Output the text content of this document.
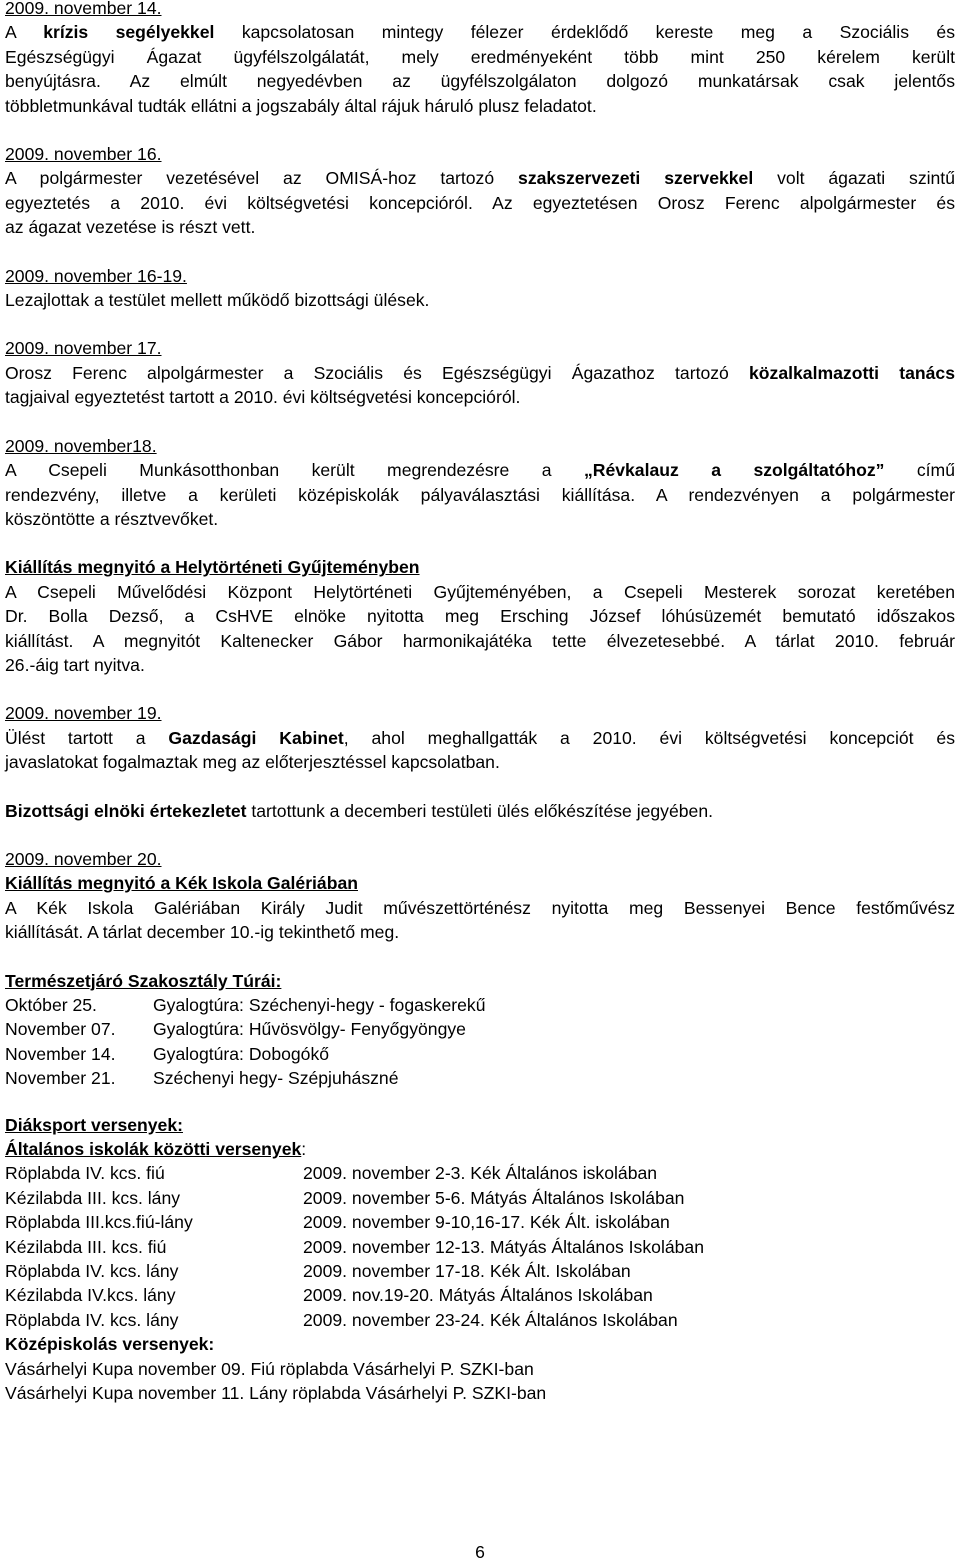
2009. november 14.
A krízis segélyekkel kapcsolatosan mintegy félezer érdeklődő kereste meg a Szociális és
Egészségügyi Ágazat ügyfélszolgálatát, mely eredményeként több mint 250 kérelem került
benyújtásra. Az elmúlt negyedévben az ügyfélszolgálaton dolgozó munkatársak csak jelentős
többletmunkával tudták ellátni a jogszabály által rájuk háruló plusz feladatot.
2009. november 16.
A polgármester vezetésével az OMISÁ-hoz tartozó szakszervezeti szervekkel volt ágazati szintű
egyeztetés a 2010. évi költségvetési koncepcióról. Az egyeztetésen Orosz Ferenc alpolgármester és
az ágazat vezetése is részt vett.
2009. november 16-19.
Lezajlottak a testület mellett működő bizottsági ülések.
2009. november 17.
Orosz Ferenc alpolgármester a Szociális és Egészségügyi Ágazathoz tartozó közalkalmazotti tanács
tagjaival egyeztetést tartott a 2010. évi költségvetési koncepcióról.
2009. november18.
A Csepeli Munkásotthonban került megrendezésre a „Révkalauz a szolgáltatóhoz” című
rendezvény, illetve a kerületi középiskolák pályaválasztási kiállítása. A rendezvényen a polgármester
köszöntötte a résztvevőket.
Kiállítás megnyitó a Helytörténeti Gyűjteményben
A Csepeli Művelődési Központ Helytörténeti Gyűjteményében, a Csepeli Mesterek sorozat keretében
Dr. Bolla Dezső, a CsHVE elnöke nyitotta meg Ersching József lóhúsüzemét bemutató időszakos
kiállítást. A megnyitót Kaltenecker Gábor harmonikajátéka tette élvezetesebbé. A tárlat 2010. február
26.-áig tart nyitva.
2009. november 19.
Ülést tartott a Gazdasági Kabinet, ahol meghallgatták a 2010. évi költségvetési koncepciót és
javaslatokat fogalmaztak meg az előterjesztéssel kapcsolatban.
Bizottsági elnöki értekezletet tartottunk a decemberi testületi ülés előkészítése jegyében.
2009. november 20.
Kiállítás megnyitó a Kék Iskola Galériában
A Kék Iskola Galériában Király Judit művészettörténész nyitotta meg Bessenyei Bence festőművész
kiállítását. A tárlat december 10.-ig tekinthető meg.
Természetjáró Szakosztály Túrái:
Október 25.	Gyalogtúra: Széchenyi-hegy - fogaskerekű
November 07. Gyalogtúra: Hűvösvölgy- Fenyőgyöngye
November 14. Gyalogtúra: Dobogókő
November 21. Széchenyi hegy- Szépjuhászné
Diáksport versenyek:
Általános iskolák közötti versenyek:
Röplabda IV. kcs. fiú	2009. november 2-3. Kék Általános iskolában
Kézilabda III. kcs. lány	2009. november 5-6. Mátyás Általános Iskolában
Röplabda III.kcs.fiú-lány	2009. november 9-10,16-17. Kék Ált. iskolában
Kézilabda III. kcs. fiú	2009. november 12-13. Mátyás Általános Iskolában
Röplabda IV. kcs. lány	2009. november 17-18. Kék Ált. Iskolában
Kézilabda IV.kcs. lány	2009. nov.19-20. Mátyás Általános Iskolában
Röplabda IV. kcs. lány	2009. november 23-24. Kék Általános Iskolában
Középiskolás versenyek:
Vásárhelyi Kupa november 09. Fiú röplabda Vásárhelyi P. SZKI-ban
Vásárhelyi Kupa november 11. Lány röplabda Vásárhelyi P. SZKI-ban
6
